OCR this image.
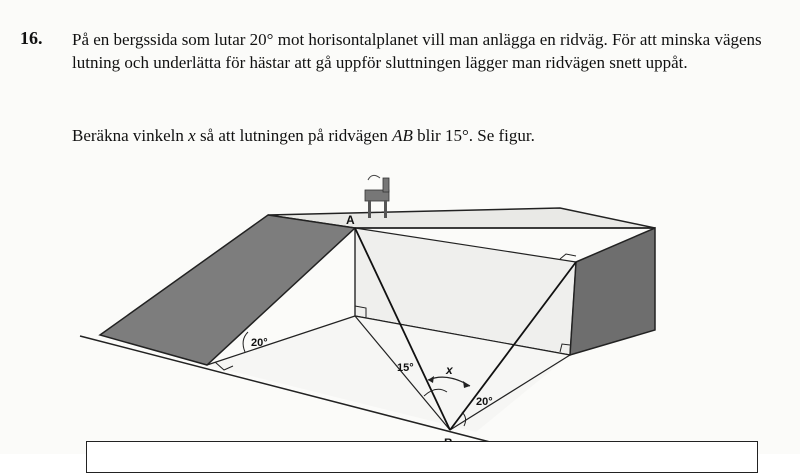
16. På en bergssida som lutar 20° mot horisontalplanet vill man anlägga en ridväg. För att minska vägens lutning och underlätta för hästar att gå uppför sluttningen lägger man ridvägen snett uppåt.
Beräkna vinkeln x så att lutningen på ridvägen AB blir 15°. Se figur.
A
x
20°
15°
20°
